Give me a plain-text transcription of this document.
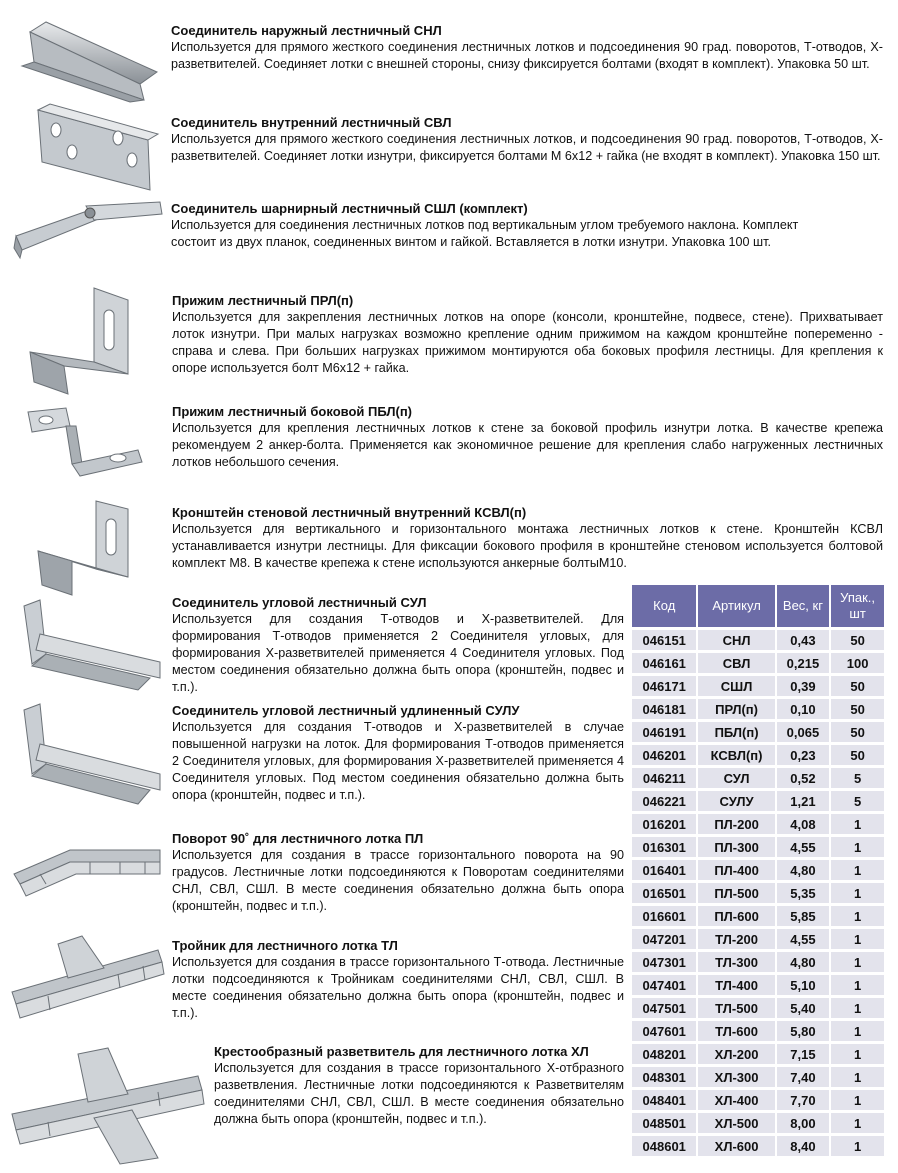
Соединитель наружный лестничный СНЛ

Используется для прямого жесткого соединения лестничных лотков и подсоединения 90 град. поворотов, Т-отводов, Х-разветвителей. Соединяет лотки с внешней стороны, снизу фиксируется болтами (входят в комплект). Упаковка 50 шт.

Соединитель внутренний лестничный СВЛ

Используется для прямого жесткого соединения лестничных лотков, и подсоединения 90 град. поворотов, Т-отводов, Х-разветвителей. Соединяет лотки изнутри, фиксируется болтами М 6х12 + гайка (не входят в комплект). Упаковка 150 шт.

Соединитель шарнирный лестничный СШЛ (комплект)

Используется для соединения лестничных лотков под вертикальным углом требуемого наклона. Комплект состоит из двух планок, соединенных винтом и гайкой. Вставляется в лотки изнутри. Упаковка 100 шт.

Прижим лестничный ПРЛ(п)

Используется для закрепления лестничных лотков на опоре (консоли, кронштейне, подвесе, стене). Прихватывает лоток изнутри. При малых нагрузках возможно крепление одним прижимом на каждом кронштейне попеременно - справа и слева. При больших нагрузках прижимом монтируются оба боковых профиля лестницы. Для крепления к опоре используется болт М6х12 + гайка.

Прижим лестничный боковой ПБЛ(п)

Используется для крепления лестничных лотков к стене за боковой профиль изнутри лотка. В качестве крепежа рекомендуем 2 анкер-болта. Применяется как экономичное решение для крепления слабо нагруженных лестничных лотков небольшого сечения.

Кронштейн стеновой лестничный внутренний КСВЛ(п)

Используется для вертикального и горизонтального монтажа лестничных лотков к стене. Кронштейн КСВЛ устанавливается изнутри лестницы. Для фиксации бокового профиля в кронштейне стеновом используется болтовой комплект М8. В качестве крепежа к стене используются анкерные болтыМ10.

Соединитель угловой лестничный СУЛ

Используется для создания Т-отводов и Х-разветвителей. Для формирования Т-отводов применяется 2 Соединителя угловых, для формирования Х-разветвителей применяется 4 Соединителя угловых. Под местом соединения обязательно должна быть опора (кронштейн, подвес и т.п.).

Соединитель угловой лестничный удлиненный СУЛУ

Используется для создания Т-отводов и Х-разветвителей в случае повышенной нагрузки на лоток. Для формирования Т-отводов применяется 2 Соединителя угловых, для формирования Х-разветвителей применяется 4 Соединителя угловых. Под местом соединения обязательно должна быть опора (кронштейн, подвес и т.п.).

Поворот 90˚ для лестничного лотка ПЛ

Используется для создания в трассе горизонтального поворота на 90 градусов. Лестничные лотки подсоединяются к Поворотам соединителями СНЛ, СВЛ, СШЛ. В месте соединения обязательно должна быть опора (кронштейн, подвес и т.п.).

Тройник для лестничного лотка ТЛ

Используется для создания в трассе горизонтального Т-отвода. Лестничные лотки подсоединяются к Тройникам соединителями СНЛ, СВЛ, СШЛ. В месте соединения обязательно должна быть опора (кронштейн, подвес и т.п.).

Крестообразный разветвитель для лестничного лотка ХЛ

Используется для создания в трассе горизонтального Х-отбразного разветвления. Лестничные лотки подсоединяются к Разветвителям соединителями СНЛ, СВЛ, СШЛ. В месте соединения обязательно должна быть опора (кронштейн, подвес и т.п.).

Код	Артикул	Вес, кг	Упак., шт
046151	СНЛ	0,43	50
046161	СВЛ	0,215	100
046171	СШЛ	0,39	50
046181	ПРЛ(п)	0,10	50
046191	ПБЛ(п)	0,065	50
046201	КСВЛ(п)	0,23	50
046211	СУЛ	0,52	5
046221	СУЛУ	1,21	5
016201	ПЛ-200	4,08	1
016301	ПЛ-300	4,55	1
016401	ПЛ-400	4,80	1
016501	ПЛ-500	5,35	1
016601	ПЛ-600	5,85	1
047201	ТЛ-200	4,55	1
047301	ТЛ-300	4,80	1
047401	ТЛ-400	5,10	1
047501	ТЛ-500	5,40	1
047601	ТЛ-600	5,80	1
048201	ХЛ-200	7,15	1
048301	ХЛ-300	7,40	1
048401	ХЛ-400	7,70	1
048501	ХЛ-500	8,00	1
048601	ХЛ-600	8,40	1
